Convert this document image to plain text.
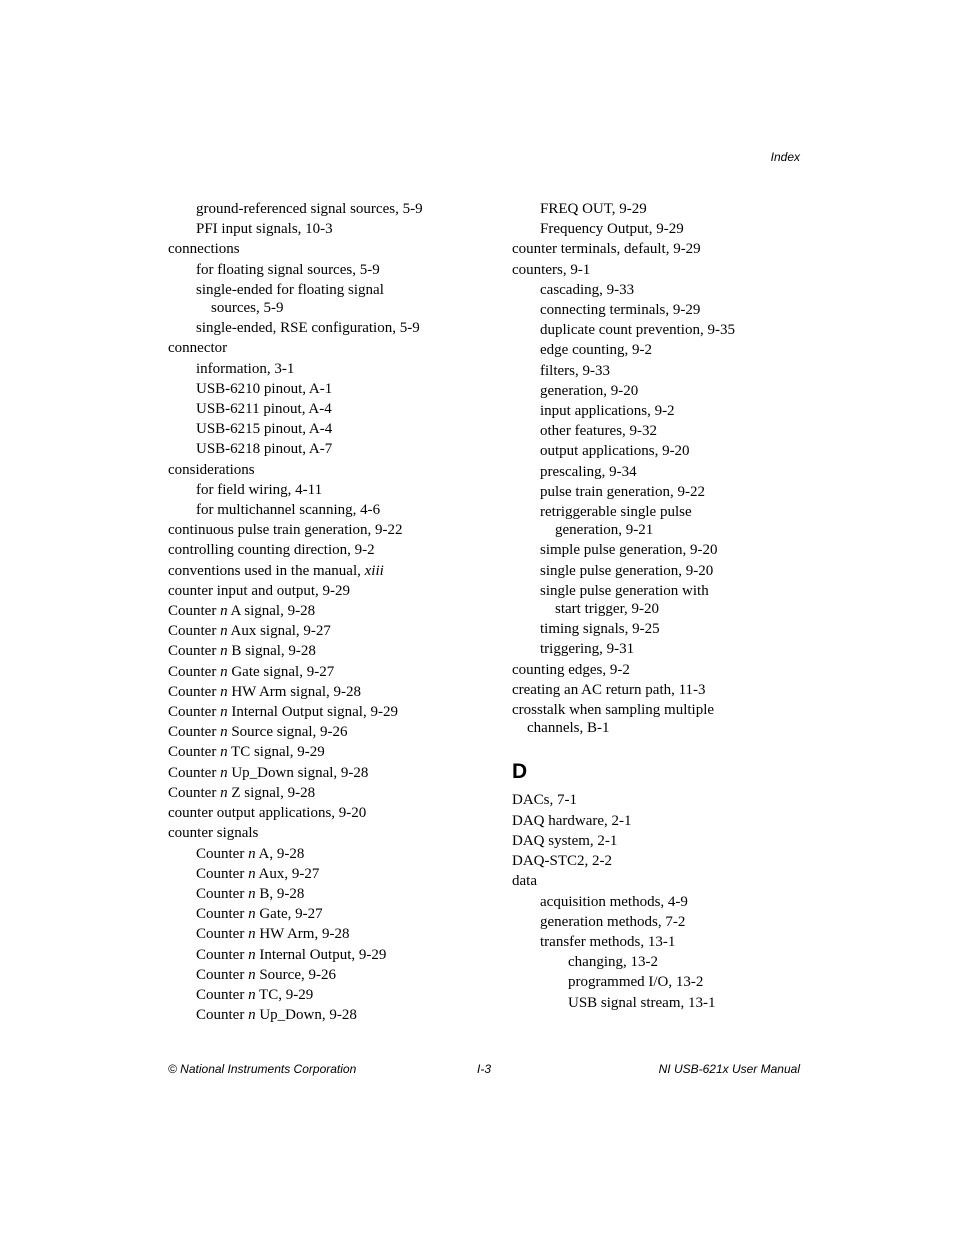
Index
ground-referenced signal sources, 5-9
PFI input signals, 10-3
connections
for floating signal sources, 5-9
single-ended for floating signal
sources, 5-9
single-ended, RSE configuration, 5-9
connector
information, 3-1
USB-6210 pinout, A-1
USB-6211 pinout, A-4
USB-6215 pinout, A-4
USB-6218 pinout, A-7
considerations
for field wiring, 4-11
for multichannel scanning, 4-6
continuous pulse train generation, 9-22
controlling counting direction, 9-2
conventions used in the manual, xiii
counter input and output, 9-29
Counter n A signal, 9-28
Counter n Aux signal, 9-27
Counter n B signal, 9-28
Counter n Gate signal, 9-27
Counter n HW Arm signal, 9-28
Counter n Internal Output signal, 9-29
Counter n Source signal, 9-26
Counter n TC signal, 9-29
Counter n Up_Down signal, 9-28
Counter n Z signal, 9-28
counter output applications, 9-20
counter signals
Counter n A, 9-28
Counter n Aux, 9-27
Counter n B, 9-28
Counter n Gate, 9-27
Counter n HW Arm, 9-28
Counter n Internal Output, 9-29
Counter n Source, 9-26
Counter n TC, 9-29
Counter n Up_Down, 9-28
FREQ OUT, 9-29
Frequency Output, 9-29
counter terminals, default, 9-29
counters, 9-1
cascading, 9-33
connecting terminals, 9-29
duplicate count prevention, 9-35
edge counting, 9-2
filters, 9-33
generation, 9-20
input applications, 9-2
other features, 9-32
output applications, 9-20
prescaling, 9-34
pulse train generation, 9-22
retriggerable single pulse
generation, 9-21
simple pulse generation, 9-20
single pulse generation, 9-20
single pulse generation with
start trigger, 9-20
timing signals, 9-25
triggering, 9-31
counting edges, 9-2
creating an AC return path, 11-3
crosstalk when sampling multiple
channels, B-1
D
DACs, 7-1
DAQ hardware, 2-1
DAQ system, 2-1
DAQ-STC2, 2-2
data
acquisition methods, 4-9
generation methods, 7-2
transfer methods, 13-1
changing, 13-2
programmed I/O, 13-2
USB signal stream, 13-1
© National Instruments Corporation	I-3	NI USB-621x User Manual
